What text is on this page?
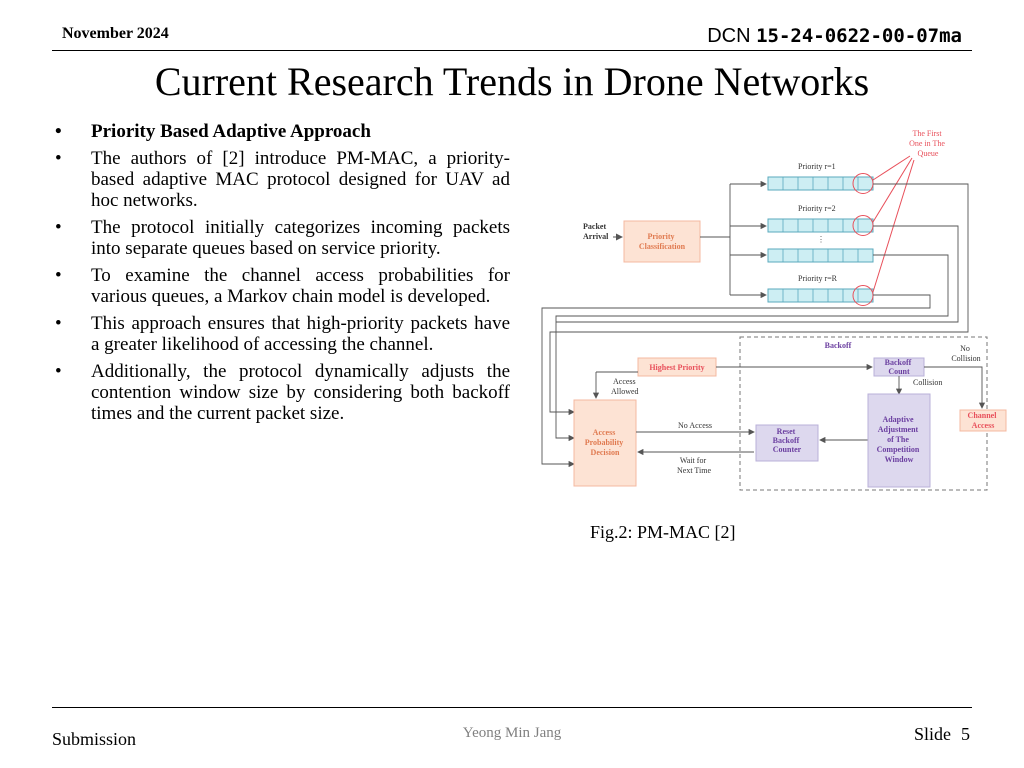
November 2024	DCN 15-24-0622-00-07ma
Current Research Trends in Drone Networks
• Priority Based Adaptive Approach
• The authors of [2] introduce PM-MAC, a priority-based adaptive MAC protocol designed for UAV ad hoc networks.
• The protocol initially categorizes incoming packets into separate queues based on service priority.
• To examine the channel access probabilities for various queues, a Markov chain model is developed.
• This approach ensures that high-priority packets have a greater likelihood of accessing the channel.
• Additionally, the protocol dynamically adjusts the contention window size by considering both backoff times and the current packet size.
⋮
The First One in The Queue
Priority r=1
Priority r=2
Priority r=R
Packet Arrival	Priority Classification
Backoff	No Collision
Highest Priority
Backoff Count
Collision
Access Allowed
Channel Access
Access Probability Decision
No Access
Reset Backoff Counter
Adaptive Adjustment of The Competition Window
Wait for Next Time
Fig.2: PM-MAC [2]
Submission	Yeong Min Jang	Slide 5
